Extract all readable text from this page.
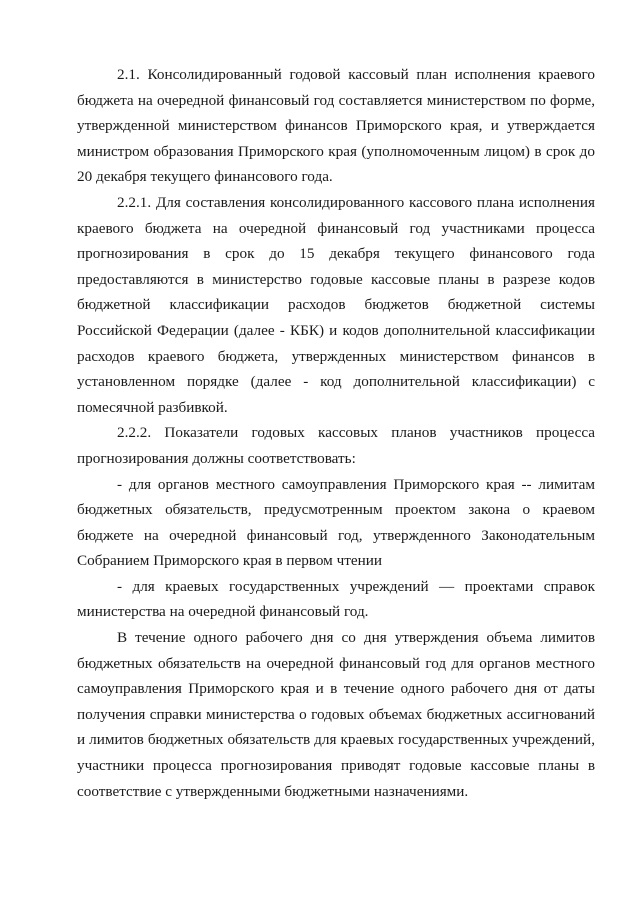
2.1. Консолидированный годовой кассовый план исполнения краевого бюджета на очередной финансовый год составляется министерством по форме, утвержденной министерством финансов Приморского края, и утверждается министром образования Приморского края (уполномоченным лицом) в срок до 20 декабря текущего финансового года.

2.2.1. Для составления консолидированного кассового плана исполнения краевого бюджета на очередной финансовый год участниками процесса прогнозирования в срок до 15 декабря текущего финансового года предоставляются в министерство годовые кассовые планы в разрезе кодов бюджетной классификации расходов бюджетов бюджетной системы Российской Федерации (далее - КБК) и кодов дополнительной классификации расходов краевого бюджета, утвержденных министерством финансов в установленном порядке (далее - код дополнительной классификации) с помесячной разбивкой.

2.2.2. Показатели годовых кассовых планов участников процесса прогнозирования должны соответствовать:

- для органов местного самоуправления Приморского края -- лимитам бюджетных обязательств, предусмотренным проектом закона о краевом бюджете на очередной финансовый год, утвержденного Законодательным Собранием Приморского края в первом чтении

- для краевых государственных учреждений — проектами справок министерства на очередной финансовый год.

В течение одного рабочего дня со дня утверждения объема лимитов бюджетных обязательств на очередной финансовый год для органов местного самоуправления Приморского края и в течение одного рабочего дня от даты получения справки министерства о годовых объемах бюджетных ассигнований и лимитов бюджетных обязательств для краевых государственных учреждений, участники процесса прогнозирования приводят годовые кассовые планы в соответствие с утвержденными бюджетными назначениями.
